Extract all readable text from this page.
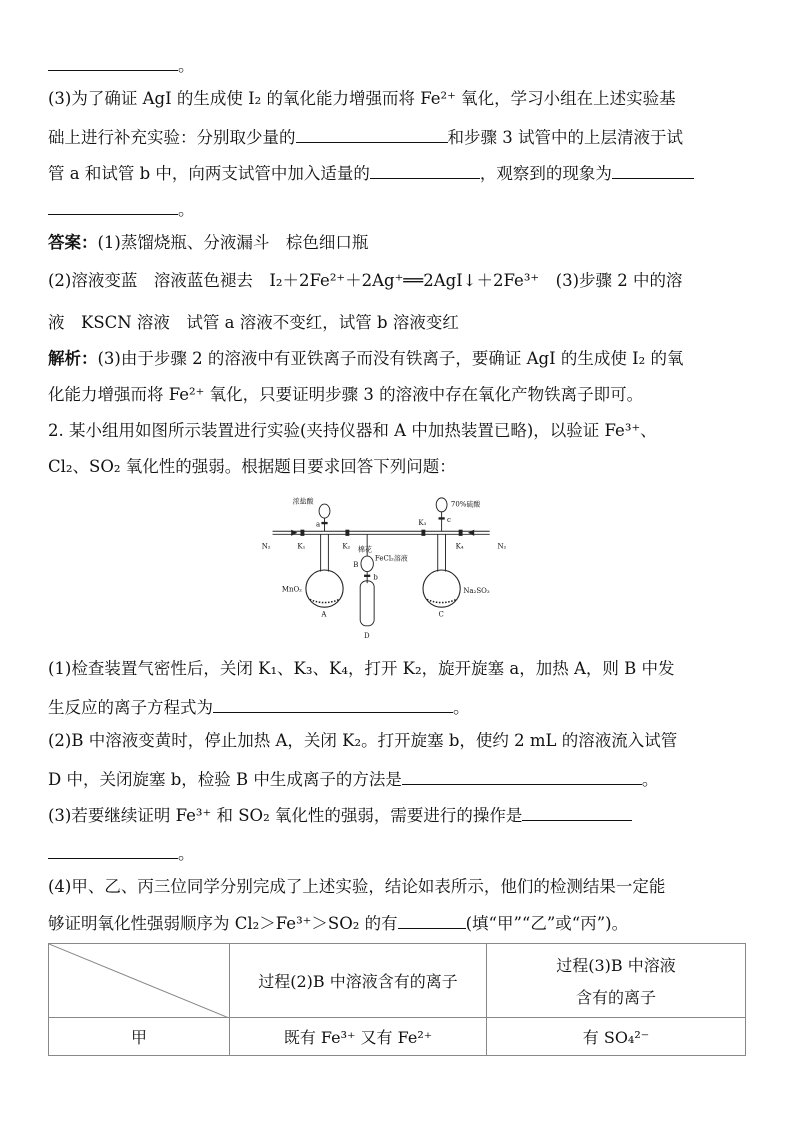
。
(3)为了确证 AgI 的生成使 I₂ 的氧化能力增强而将 Fe²⁺ 氧化，学习小组在上述实验基
础上进行补充实验：分别取少量的	和步骤 3 试管中的上层清液于试
管 a 和试管 b 中，向两支试管中加入适量的	，观察到的现象为
。
答案：(1)蒸馏烧瓶、分液漏斗　棕色细口瓶
(2)溶液变蓝　溶液蓝色褪去　I₂＋2Fe²⁺＋2Ag⁺══2AgI↓＋2Fe³⁺　(3)步骤 2 中的溶
液　KSCN 溶液　试管 a 溶液不变红，试管 b 溶液变红
解析：(3)由于步骤 2 的溶液中有亚铁离子而没有铁离子，要确证 AgI 的生成使 I₂ 的氧
化能力增强而将 Fe²⁺ 氧化，只要证明步骤 3 的溶液中存在氧化产物铁离子即可。
2. 某小组用如图所示装置进行实验(夹持仪器和 A 中加热装置已略)，以验证 Fe³⁺、
Cl₂、SO₂ 氧化性的强弱。根据题目要求回答下列问题：
浓盐酸	70%硫酸
N₂	N₂
K₁	K₂
K₃
K₄
a
b
c
棉花
FeCl₂溶液
MnO₂	Na₂SO₃
A
B
C
D
(1)检查装置气密性后，关闭 K₁、K₃、K₄，打开 K₂，旋开旋塞 a，加热 A，则 B 中发
生反应的离子方程式为	。
(2)B 中溶液变黄时，停止加热 A，关闭 K₂。打开旋塞 b，使约 2 mL 的溶液流入试管
D 中，关闭旋塞 b，检验 B 中生成离子的方法是	。
(3)若要继续证明 Fe³⁺ 和 SO₂ 氧化性的强弱，需要进行的操作是
。
(4)甲、乙、丙三位同学分别完成了上述实验，结论如表所示，他们的检测结果一定能
够证明氧化性强弱顺序为 Cl₂＞Fe³⁺＞SO₂ 的有	(填“甲”“乙”或“丙”)。
	过程(2)B 中溶液含有的离子	过程(3)B 中溶液
含有的离子

甲	既有 Fe³⁺ 又有 Fe²⁺	有 SO₄²⁻
